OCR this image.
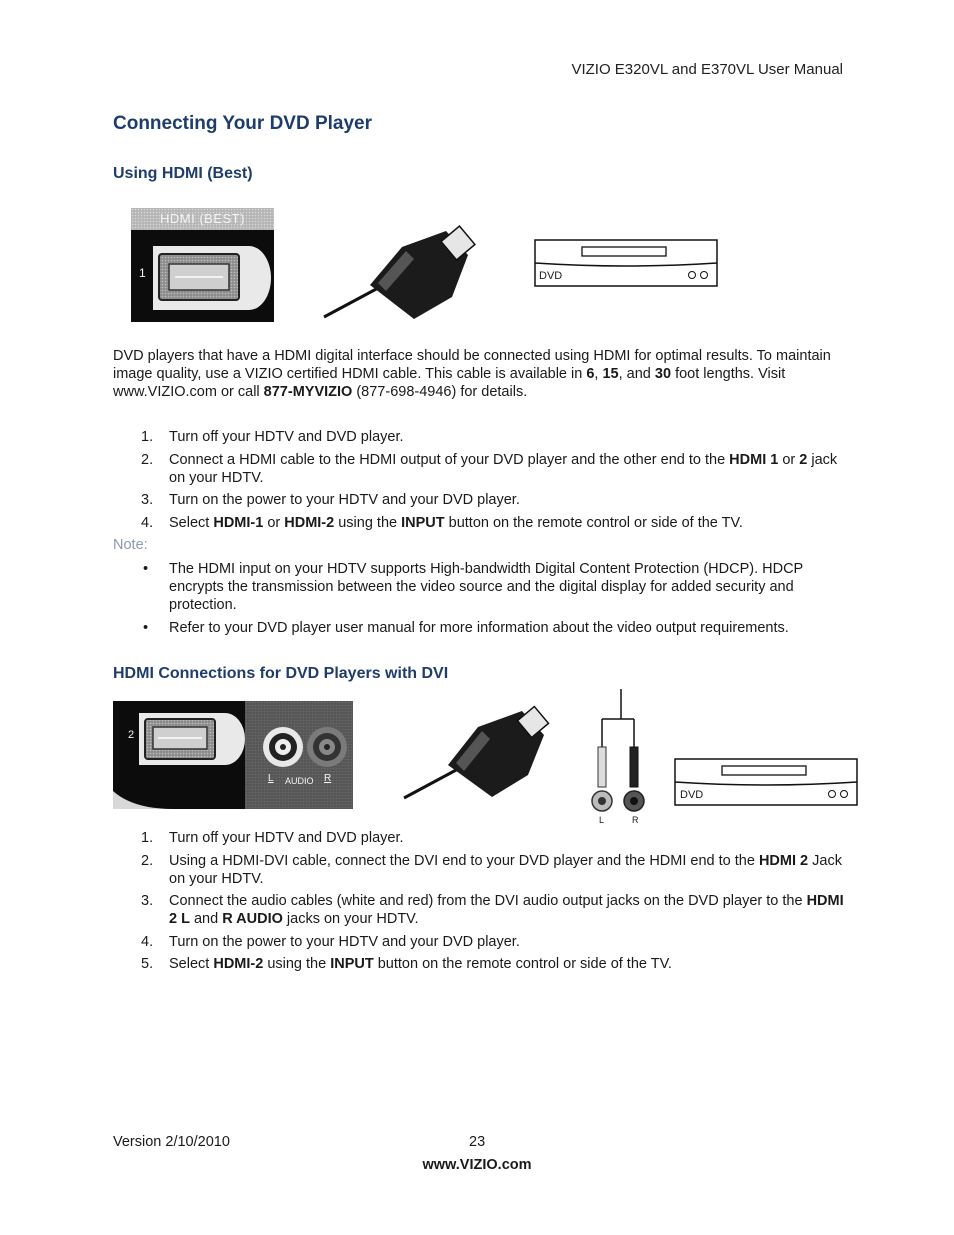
VIZIO E320VL and E370VL User Manual
Connecting Your DVD Player
Using HDMI (Best)
HDMI (BEST)
1	DVD
DVD players that have a HDMI digital interface should be connected using HDMI for optimal results. To maintain image quality, use a VIZIO certified HDMI cable. This cable is available in 6, 15, and 30 foot lengths. Visit www.VIZIO.com or call 877-MYVIZIO (877-698-4946) for details.
1. Turn off your HDTV and DVD player.
2. Connect a HDMI cable to the HDMI output of your DVD player and the other end to the HDMI 1 or 2 jack on your HDTV.
3. Turn on the power to your HDTV and your DVD player.
4. Select HDMI-1 or HDMI-2 using the INPUT button on the remote control or side of the TV.
Note:
• The HDMI input on your HDTV supports High-bandwidth Digital Content Protection (HDCP). HDCP encrypts the transmission between the video source and the digital display for added security and protection.
• Refer to your DVD player user manual for more information about the video output requirements.
HDMI Connections for DVD Players with DVI
2
L AUDIO R
L	R
DVD
1. Turn off your HDTV and DVD player.
2. Using a HDMI-DVI cable, connect the DVI end to your DVD player and the HDMI end to the HDMI 2 Jack on your HDTV.
3. Connect the audio cables (white and red) from the DVI audio output jacks on the DVD player to the HDMI 2 L and R AUDIO jacks on your HDTV.
4. Turn on the power to your HDTV and your DVD player.
5. Select HDMI-2 using the INPUT button on the remote control or side of the TV.
Version 2/10/2010	23
www.VIZIO.com
